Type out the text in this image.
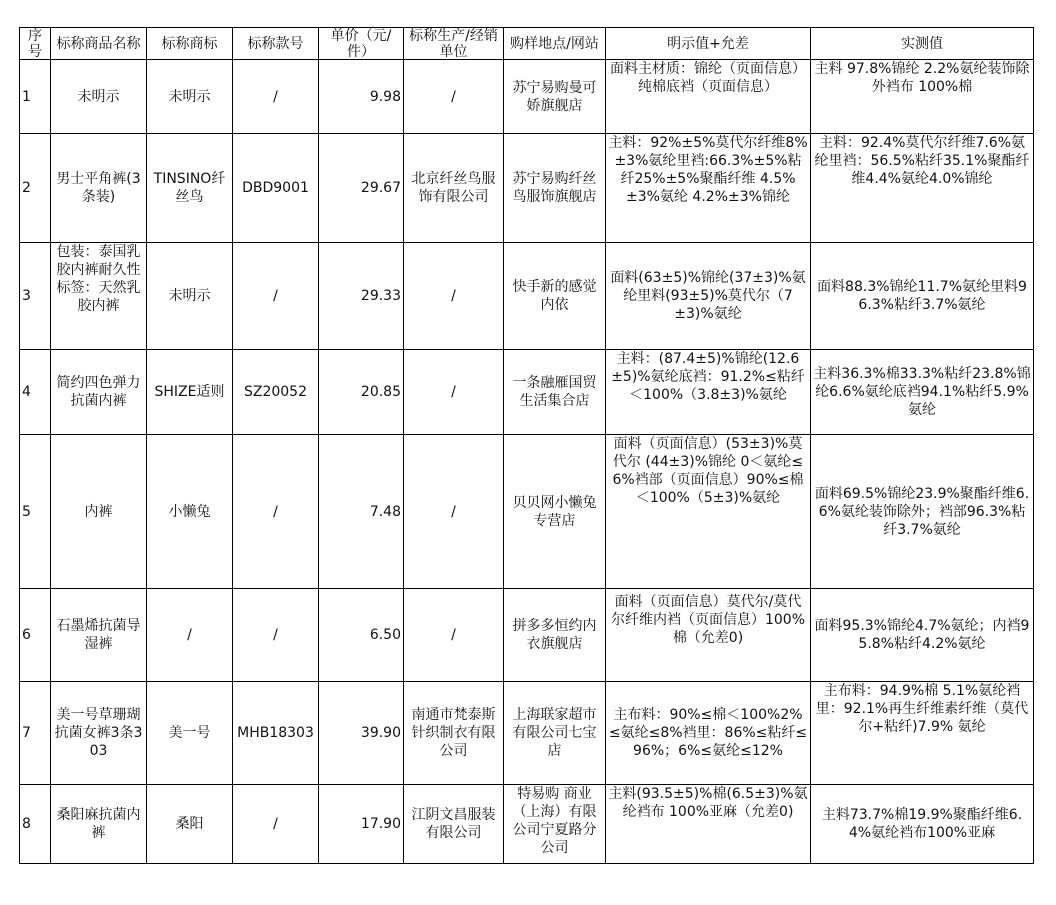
序号	标称商品名称	标称商标	标称款号	单价（元/件）	标称生产/经销单位	购样地点/网站	明示值+允差	实测值

1	未明示	未明示	/	9.98	/	苏宁易购曼可娇旗舰店	面料主材质：锦纶（页面信息）纯棉底裆（页面信息）	主料 97.8%锦纶 2.2%氨纶装饰除外裆布 100%棉

2	男士平角裤(3条装)	TINSINO纤丝鸟	DBD9001	29.67	北京纤丝鸟服饰有限公司	苏宁易购纤丝鸟服饰旗舰店	主料：92%±5%莫代尔纤维8%±3%氨纶里裆:66.3%±5%粘纤25%±5%聚酯纤维 4.5%±3%氨纶 4.2%±3%锦纶	主料：92.4%莫代尔纤维7.6%氨纶里裆：56.5%粘纤35.1%聚酯纤维4.4%氨纶4.0%锦纶

3	包装：泰国乳胶内裤耐久性标签：天然乳胶内裤	未明示	/	29.33	/	快手新的感觉内依	面料(63±5)%锦纶(37±3)%氨纶里料(93±5)%莫代尔（7±3)%氨纶	面料88.3%锦纶11.7%氨纶里料96.3%粘纤3.7%氨纶

4	简约四色弹力抗菌内裤	SHIZE适则	SZ20052	20.85	/	一条融雁国贸生活集合店	主料：(87.4±5)%锦纶(12.6±5)%氨纶底裆：91.2%≤粘纤＜100%（3.8±3)%氨纶	主料36.3%棉33.3%粘纤23.8%锦纶6.6%氨纶底裆94.1%粘纤5.9%氨纶

5	内裤	小懒兔	/	7.48	/	贝贝网小懒兔专营店	面料（页面信息）(53±3)%莫代尔 (44±3)%锦纶 0＜氨纶≤6%裆部（页面信息）90%≤棉＜100%（5±3)%氨纶	面料69.5%锦纶23.9%聚酯纤维6.6%氨纶装饰除外；裆部96.3%粘纤3.7%氨纶

6	石墨烯抗菌导湿裤	/	/	6.50	/	拼多多恒约内衣旗舰店	面料（页面信息）莫代尔/莫代尔纤维内裆（页面信息）100%棉（允差0)	面料95.3%锦纶4.7%氨纶；内裆95.8%粘纤4.2%氨纶

7	美一号草珊瑚抗菌女裤3条303	美一号	MHB18303	39.90	南通市梵泰斯针织制衣有限公司	上海联家超市有限公司七宝店	主布料：90%≤棉＜100%2%≤氨纶≤8%裆里：86%≤粘纤≤96%；6%≤氨纶≤12%	主布料：94.9%棉 5.1%氨纶裆里：92.1%再生纤维素纤维（莫代尔+粘纤)7.9% 氨纶

8	桑阳麻抗菌内裤	桑阳	/	17.90	江阴文昌服装有限公司	特易购 商业（上海）有限公司宁夏路分公司	主料(93.5±5)%棉(6.5±3)%氨纶裆布 100%亚麻（允差0)	主料73.7%棉19.9%聚酯纤维6.4%氨纶裆布100%亚麻
